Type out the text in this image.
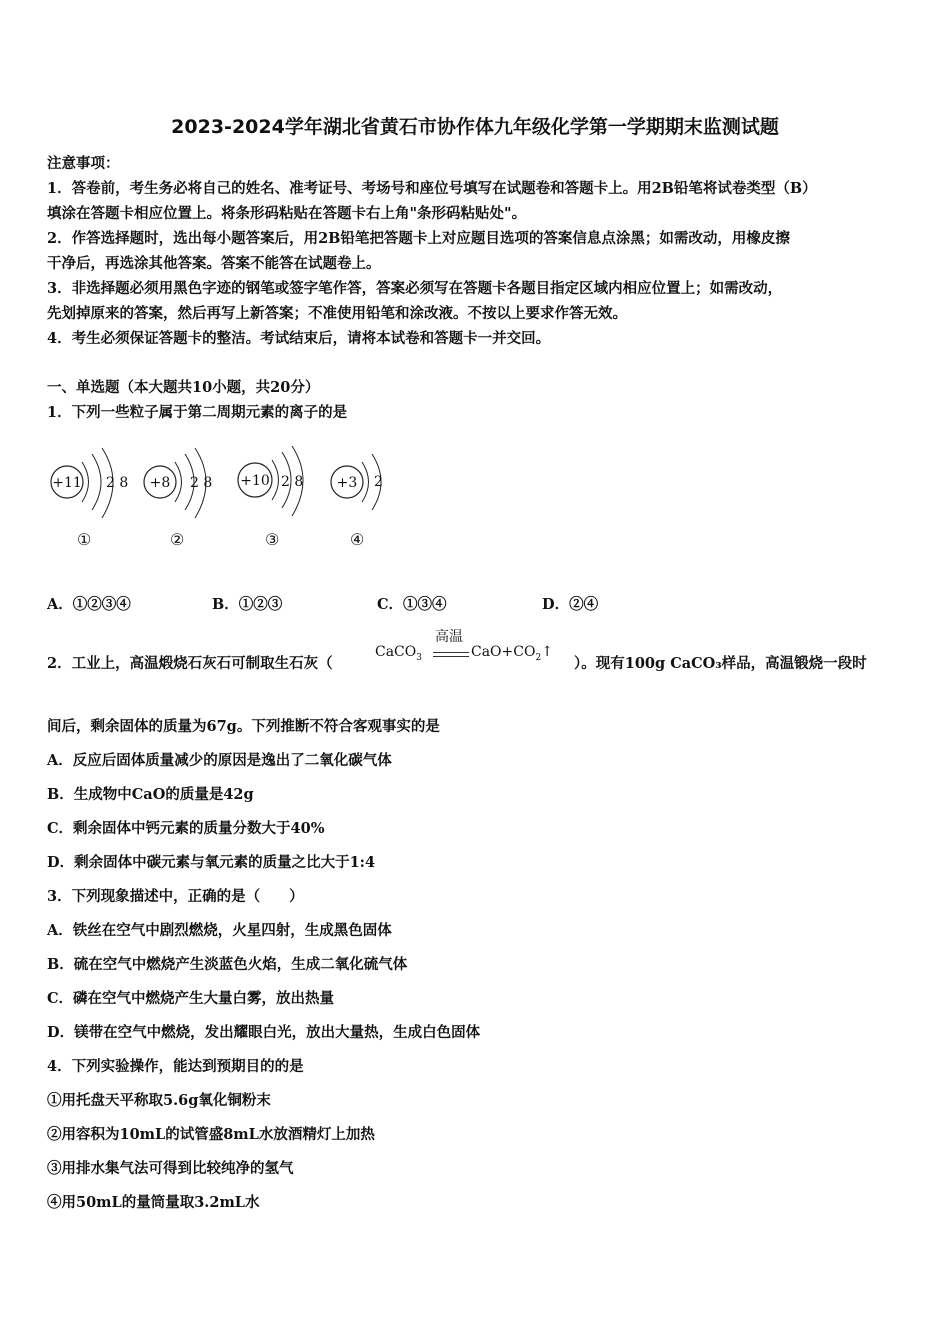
2023-2024学年湖北省黄石市协作体九年级化学第一学期期末监测试题
注意事项：
1．答卷前，考生务必将自己的姓名、准考证号、考场号和座位号填写在试题卷和答题卡上。用2B铅笔将试卷类型（B）
填涂在答题卡相应位置上。将条形码粘贴在答题卡右上角"条形码粘贴处"。
2．作答选择题时，选出每小题答案后，用2B铅笔把答题卡上对应题目选项的答案信息点涂黑；如需改动，用橡皮擦
干净后，再选涂其他答案。答案不能答在试题卷上。
3．非选择题必须用黑色字迹的钢笔或签字笔作答，答案必须写在答题卡各题目指定区域内相应位置上；如需改动，
先划掉原来的答案，然后再写上新答案；不准使用铅笔和涂改液。不按以上要求作答无效。
4．考生必须保证答题卡的整洁。考试结束后，请将本试卷和答题卡一并交回。
一、单选题（本大题共10小题，共20分）
1．下列一些粒子属于第二周期元素的离子的是
+11 2 8 +8 2 8 +10 2 8 +3 2
①	②	③	④
A．①②③④	B．①②③	C．①③④	D．②④
2．工业上，高温煅烧石灰石可制取生石灰（
高温
CaCO$_3$	$CaO+CO_2↑$
）。现有100g CaCO₃样品，高温锻烧一段时
间后，剩余固体的质量为67g。下列推断不符合客观事实的是
A．反应后固体质量减少的原因是逸出了二氧化碳气体
B．生成物中CaO的质量是42g
C．剩余固体中钙元素的质量分数大于40%
D．剩余固体中碳元素与氧元素的质量之比大于1:4
3．下列现象描述中，正确的是（　　）
A．铁丝在空气中剧烈燃烧，火星四射，生成黑色固体
B．硫在空气中燃烧产生淡蓝色火焰，生成二氧化硫气体
C．磷在空气中燃烧产生大量白雾，放出热量
D．镁带在空气中燃烧，发出耀眼白光，放出大量热，生成白色固体
4．下列实验操作，能达到预期目的的是
①用托盘天平称取5.6g氧化铜粉末
②用容积为10mL的试管盛8mL水放酒精灯上加热
③用排水集气法可得到比较纯净的氢气
④用50mL的量筒量取3.2mL水
